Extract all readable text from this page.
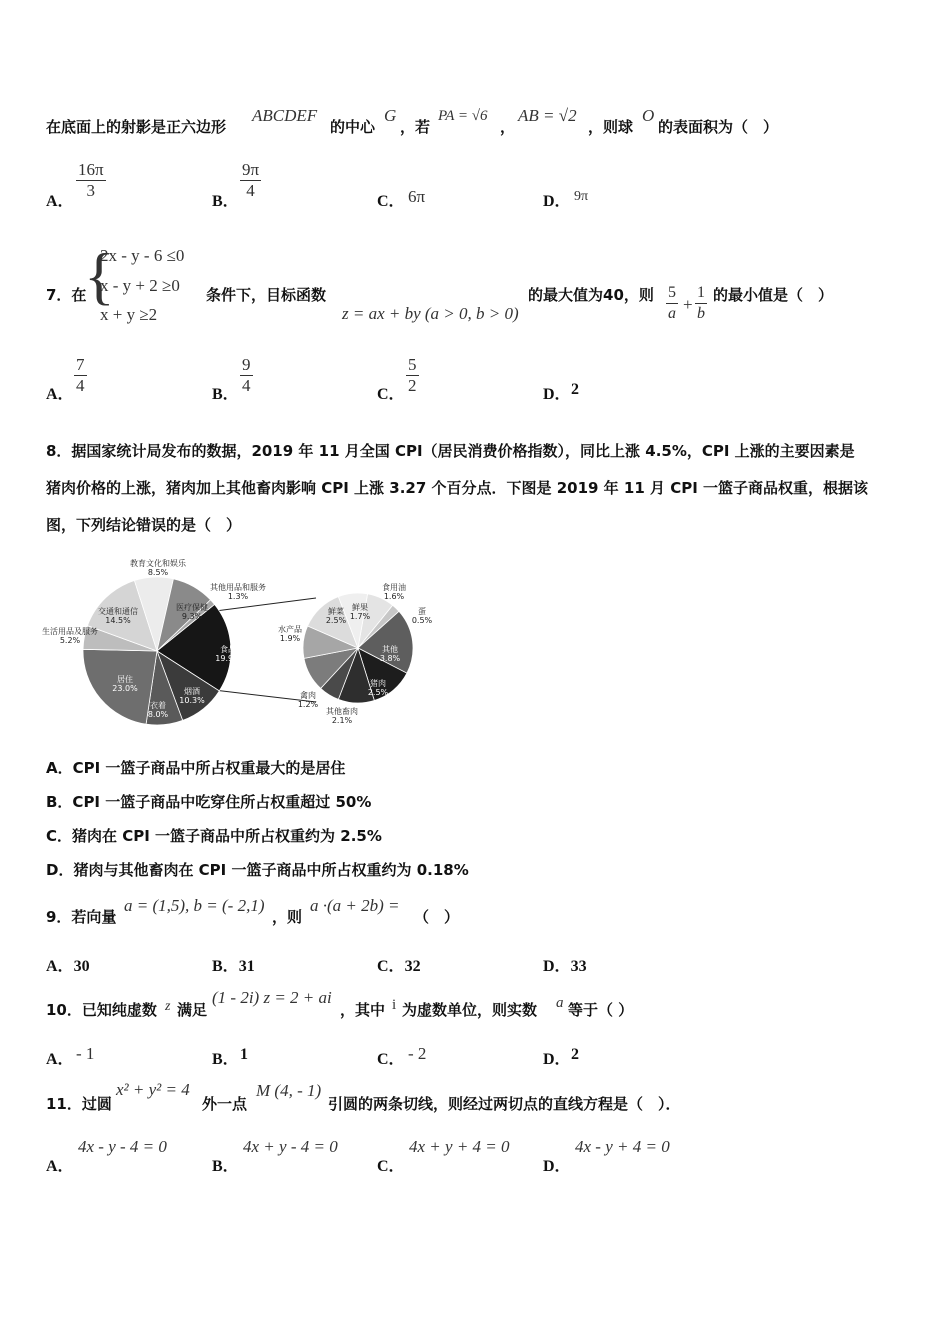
在底面上的射影是正六边形
ABCDEF
的中心
G
，若
PA = √6
，
AB = √2
，则球
O
的表面积为（　）
A．
$\frac{16\pi}{3}$
B．
$\frac{9\pi}{4}$
C． 6π	D． 9π
7．在
{
2x - y - 6 ≤0
x - y + 2 ≥0
x + y ≥2
条件下，目标函数
z = ax + by (a > 0, b > 0)
的最大值为40，则 $\frac{5}{a} + \frac{1}{b}$ 的最小值是（　）
A． $\frac{7}{4}$	B． $\frac{9}{4}$	C． $\frac{5}{2}$	D． 2
8．据国家统计局发布的数据，2019 年 11 月全国 CPI（居民消费价格指数），同比上涨 4.5%，CPI 上涨的主要因素是
猪肉价格的上涨，猪肉加上其他畜肉影响 CPI 上涨 3.27 个百分点．下图是 2019 年 11 月 CPI 一篮子商品权重，根据该
图，下列结论错误的是（　）
食品 19.9%
烟酒 10.3%
衣着 8.0%
居住 23.0%
生活用品及服务 5.2%
交通和通信 14.5%
教育文化和娱乐 8.5%
医疗保健 9.3%
其他用品和服务 1.3%
食用油 1.6%
蛋 0.5%
其他 3.8%
猪肉 2.5%
其他畜肉 2.1%
禽肉 1.2%
粮食 2.0%
水产品 1.9%
鲜菜 2.5%
鲜果 1.7%
A．CPI 一篮子商品中所占权重最大的是居住
B．CPI 一篮子商品中吃穿住所占权重超过 50%
C．猪肉在 CPI 一篮子商品中所占权重约为 2.5%
D．猪肉与其他畜肉在 CPI 一篮子商品中所占权重约为 0.18%
9．若向量
a = (1,5), b = (- 2,1)
，则
a ·(a + 2b) =
（　）
A．30	B．31	C．32	D．33
10．已知纯虚数 z 满足
(1 - 2i) z = 2 + ai
，其中 i 为虚数单位，则实数 a 等于（ ）
A． - 1	B． 1	C． - 2	D． 2
11．过圆
x² + y² = 4
外一点
M (4, - 1)
引圆的两条切线，则经过两切点的直线方程是（　）．
A．
4x - y - 4 = 0
B．
4x + y - 4 = 0
C．
4x + y + 4 = 0
D．
4x - y + 4 = 0
